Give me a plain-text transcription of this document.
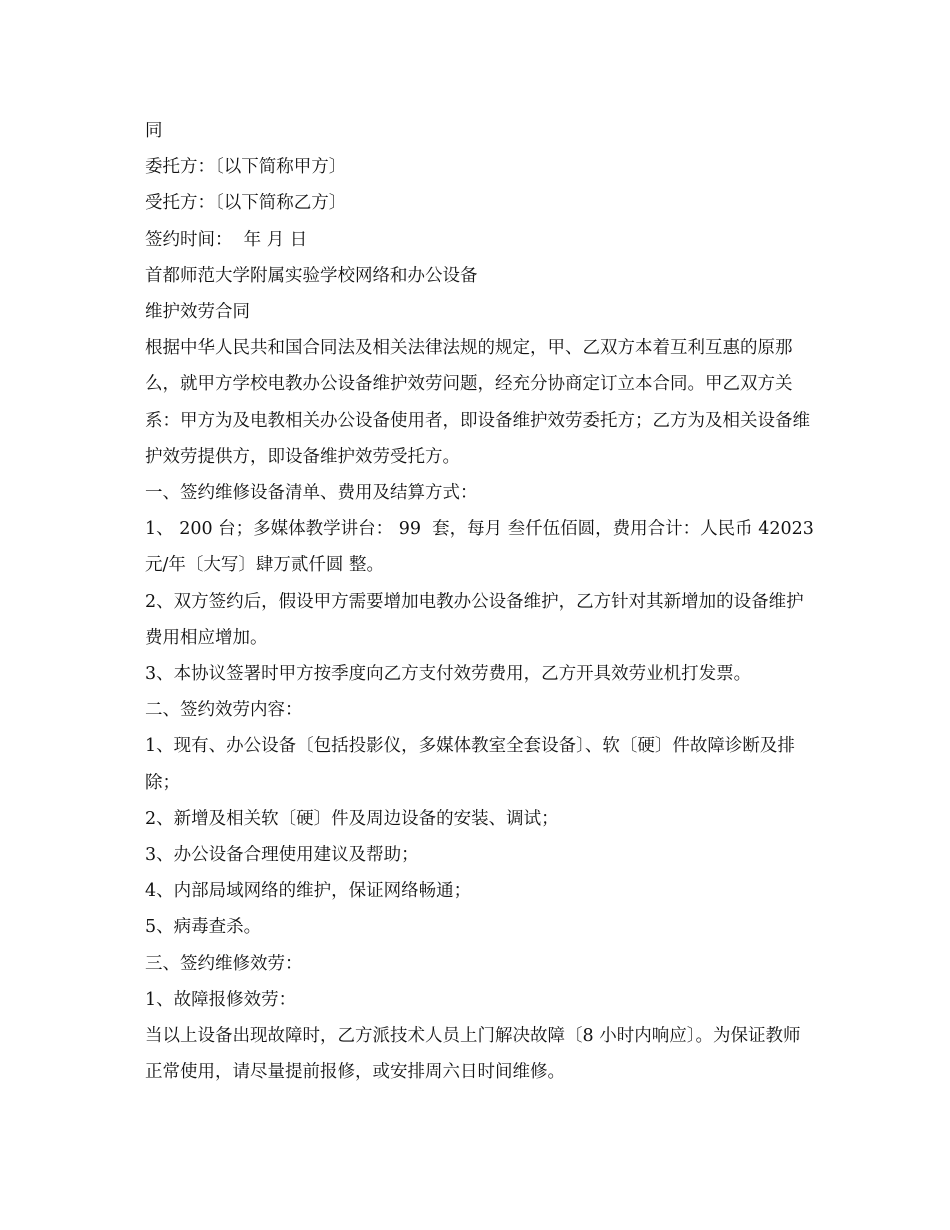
同

委托方：〔以下简称甲方〕

受托方：〔以下简称乙方〕

签约时间：  年 月 日

首都师范大学附属实验学校网络和办公设备

维护效劳合同

根据中华人民共和国合同法及相关法律法规的规定，甲、乙双方本着互利互惠的原那么，就甲方学校电教办公设备维护效劳问题，经充分协商定订立本合同。甲乙双方关系：甲方为及电教相关办公设备使用者，即设备维护效劳委托方；乙方为及相关设备维护效劳提供方，即设备维护效劳受托方。

一、签约维修设备清单、费用及结算方式：

1、 200 台；多媒体教学讲台： 99  套，每月 叁仟伍佰圆，费用合计：人民币 42023 元/年〔大写〕肆万贰仟圆 整。

2、双方签约后，假设甲方需要增加电教办公设备维护，乙方针对其新增加的设备维护费用相应增加。

3、本协议签署时甲方按季度向乙方支付效劳费用，乙方开具效劳业机打发票。

二、签约效劳内容：

1、现有、办公设备〔包括投影仪，多媒体教室全套设备〕、软〔硬〕件故障诊断及排除；

2、新增及相关软〔硬〕件及周边设备的安装、调试；

3、办公设备合理使用建议及帮助；

4、内部局域网络的维护，保证网络畅通；

5、病毒查杀。

三、签约维修效劳：

1、故障报修效劳：

当以上设备出现故障时，乙方派技术人员上门解决故障〔8 小时内响应〕。为保证教师正常使用，请尽量提前报修，或安排周六日时间维修。
